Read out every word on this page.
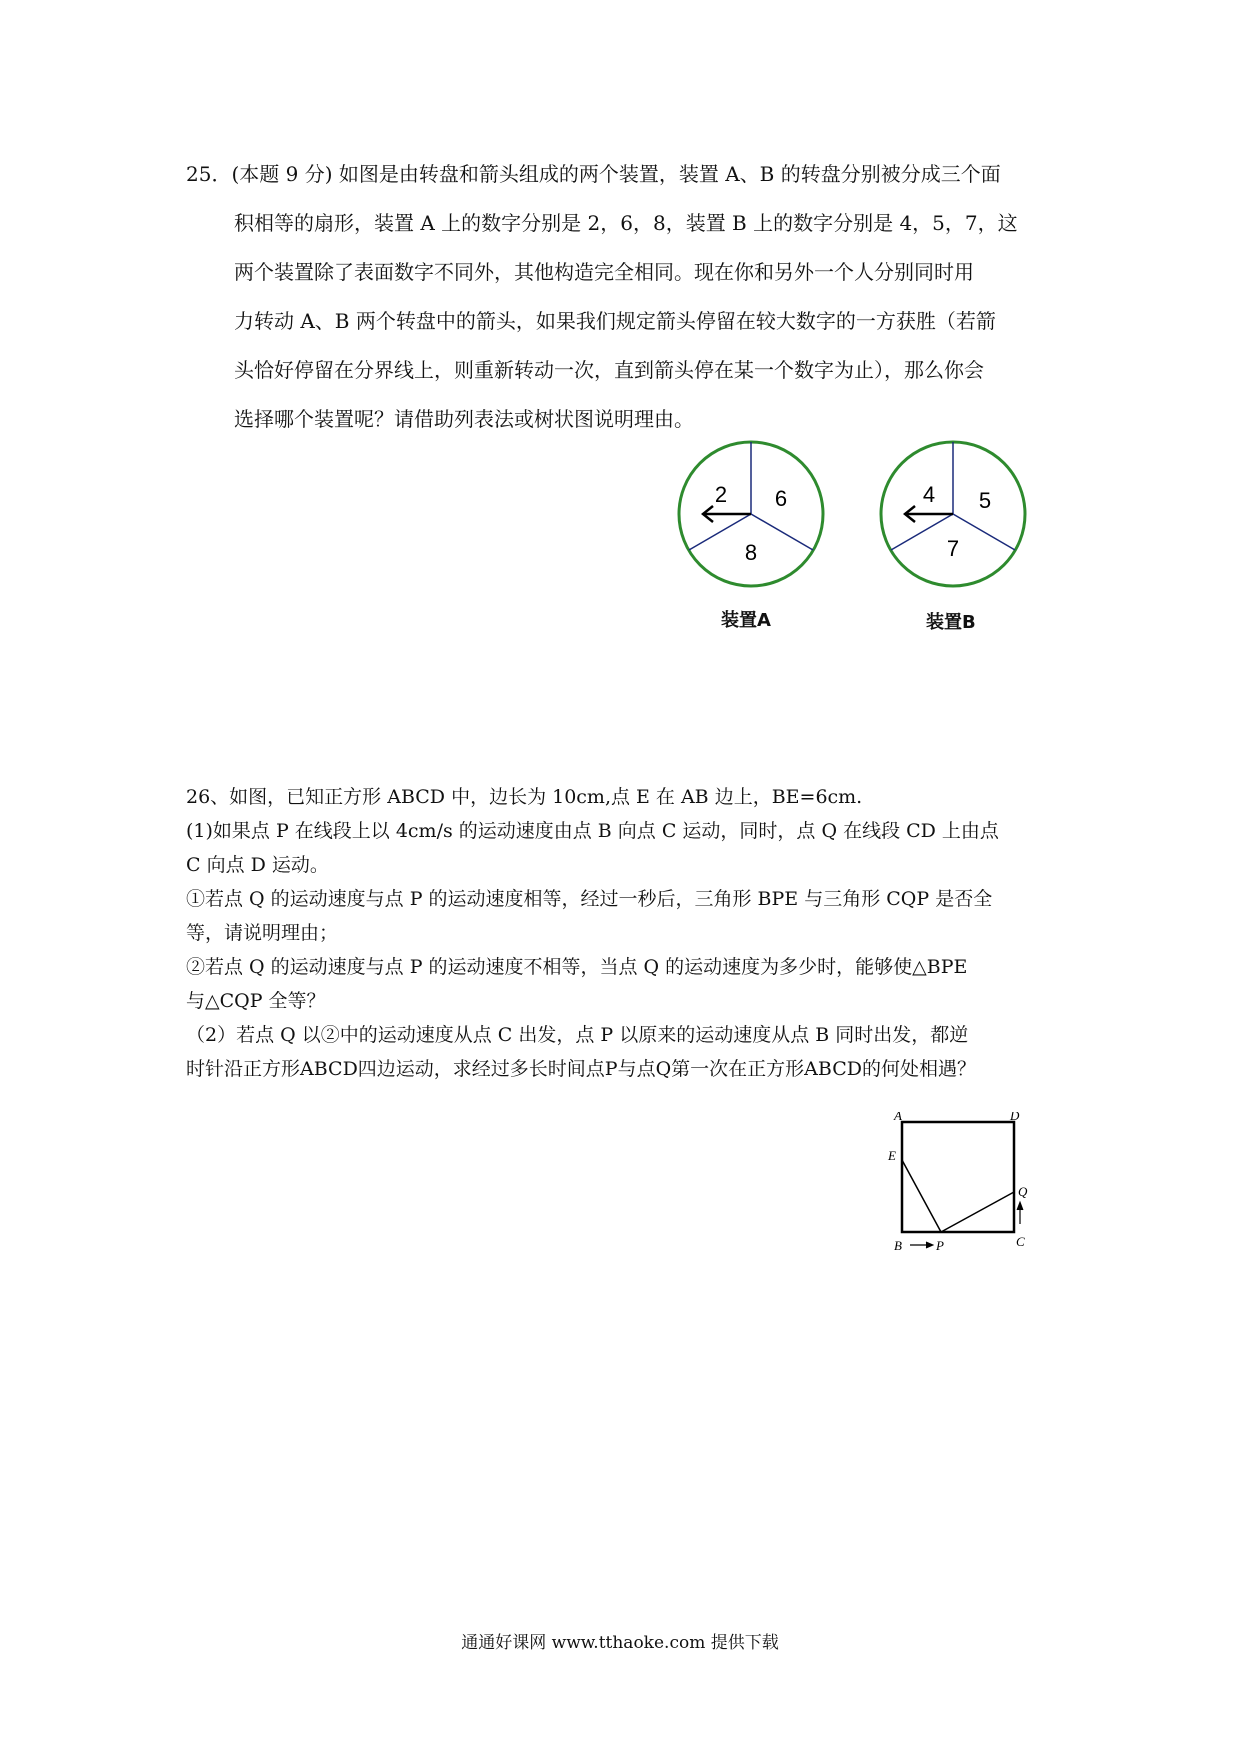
25．(本题 9 分) 如图是由转盘和箭头组成的两个装置，装置 A、B 的转盘分别被分成三个面
积相等的扇形，装置 A 上的数字分别是 2，6，8，装置 B 上的数字分别是 4，5，7，这
两个装置除了表面数字不同外，其他构造完全相同。现在你和另外一个人分别同时用
力转动 A、B 两个转盘中的箭头，如果我们规定箭头停留在较大数字的一方获胜（若箭
头恰好停留在分界线上，则重新转动一次，直到箭头停在某一个数字为止），那么你会
选择哪个装置呢？请借助列表法或树状图说明理由。
2 6
8
4 5
7
装置A	装置B
26、如图，已知正方形 ABCD 中，边长为 10cm,点 E 在 AB 边上，BE=6cm.
(1)如果点 P 在线段上以 4cm/s 的运动速度由点 B 向点 C 运动，同时，点 Q 在线段 CD 上由点
C 向点 D 运动。
①若点 Q 的运动速度与点 P 的运动速度相等，经过一秒后，三角形 BPE 与三角形 CQP 是否全
等，请说明理由；
②若点 Q 的运动速度与点 P 的运动速度不相等，当点 Q 的运动速度为多少时，能够使△BPE
与△CQP 全等？
（2）若点 Q 以②中的运动速度从点 C 出发，点 P 以原来的运动速度从点 B 同时出发，都逆
时针沿正方形ABCD四边运动，求经过多长时间点P与点Q第一次在正方形ABCD的何处相遇？
A	D
E
Q
B	P	C
通通好课网 www.tthaoke.com 提供下载
